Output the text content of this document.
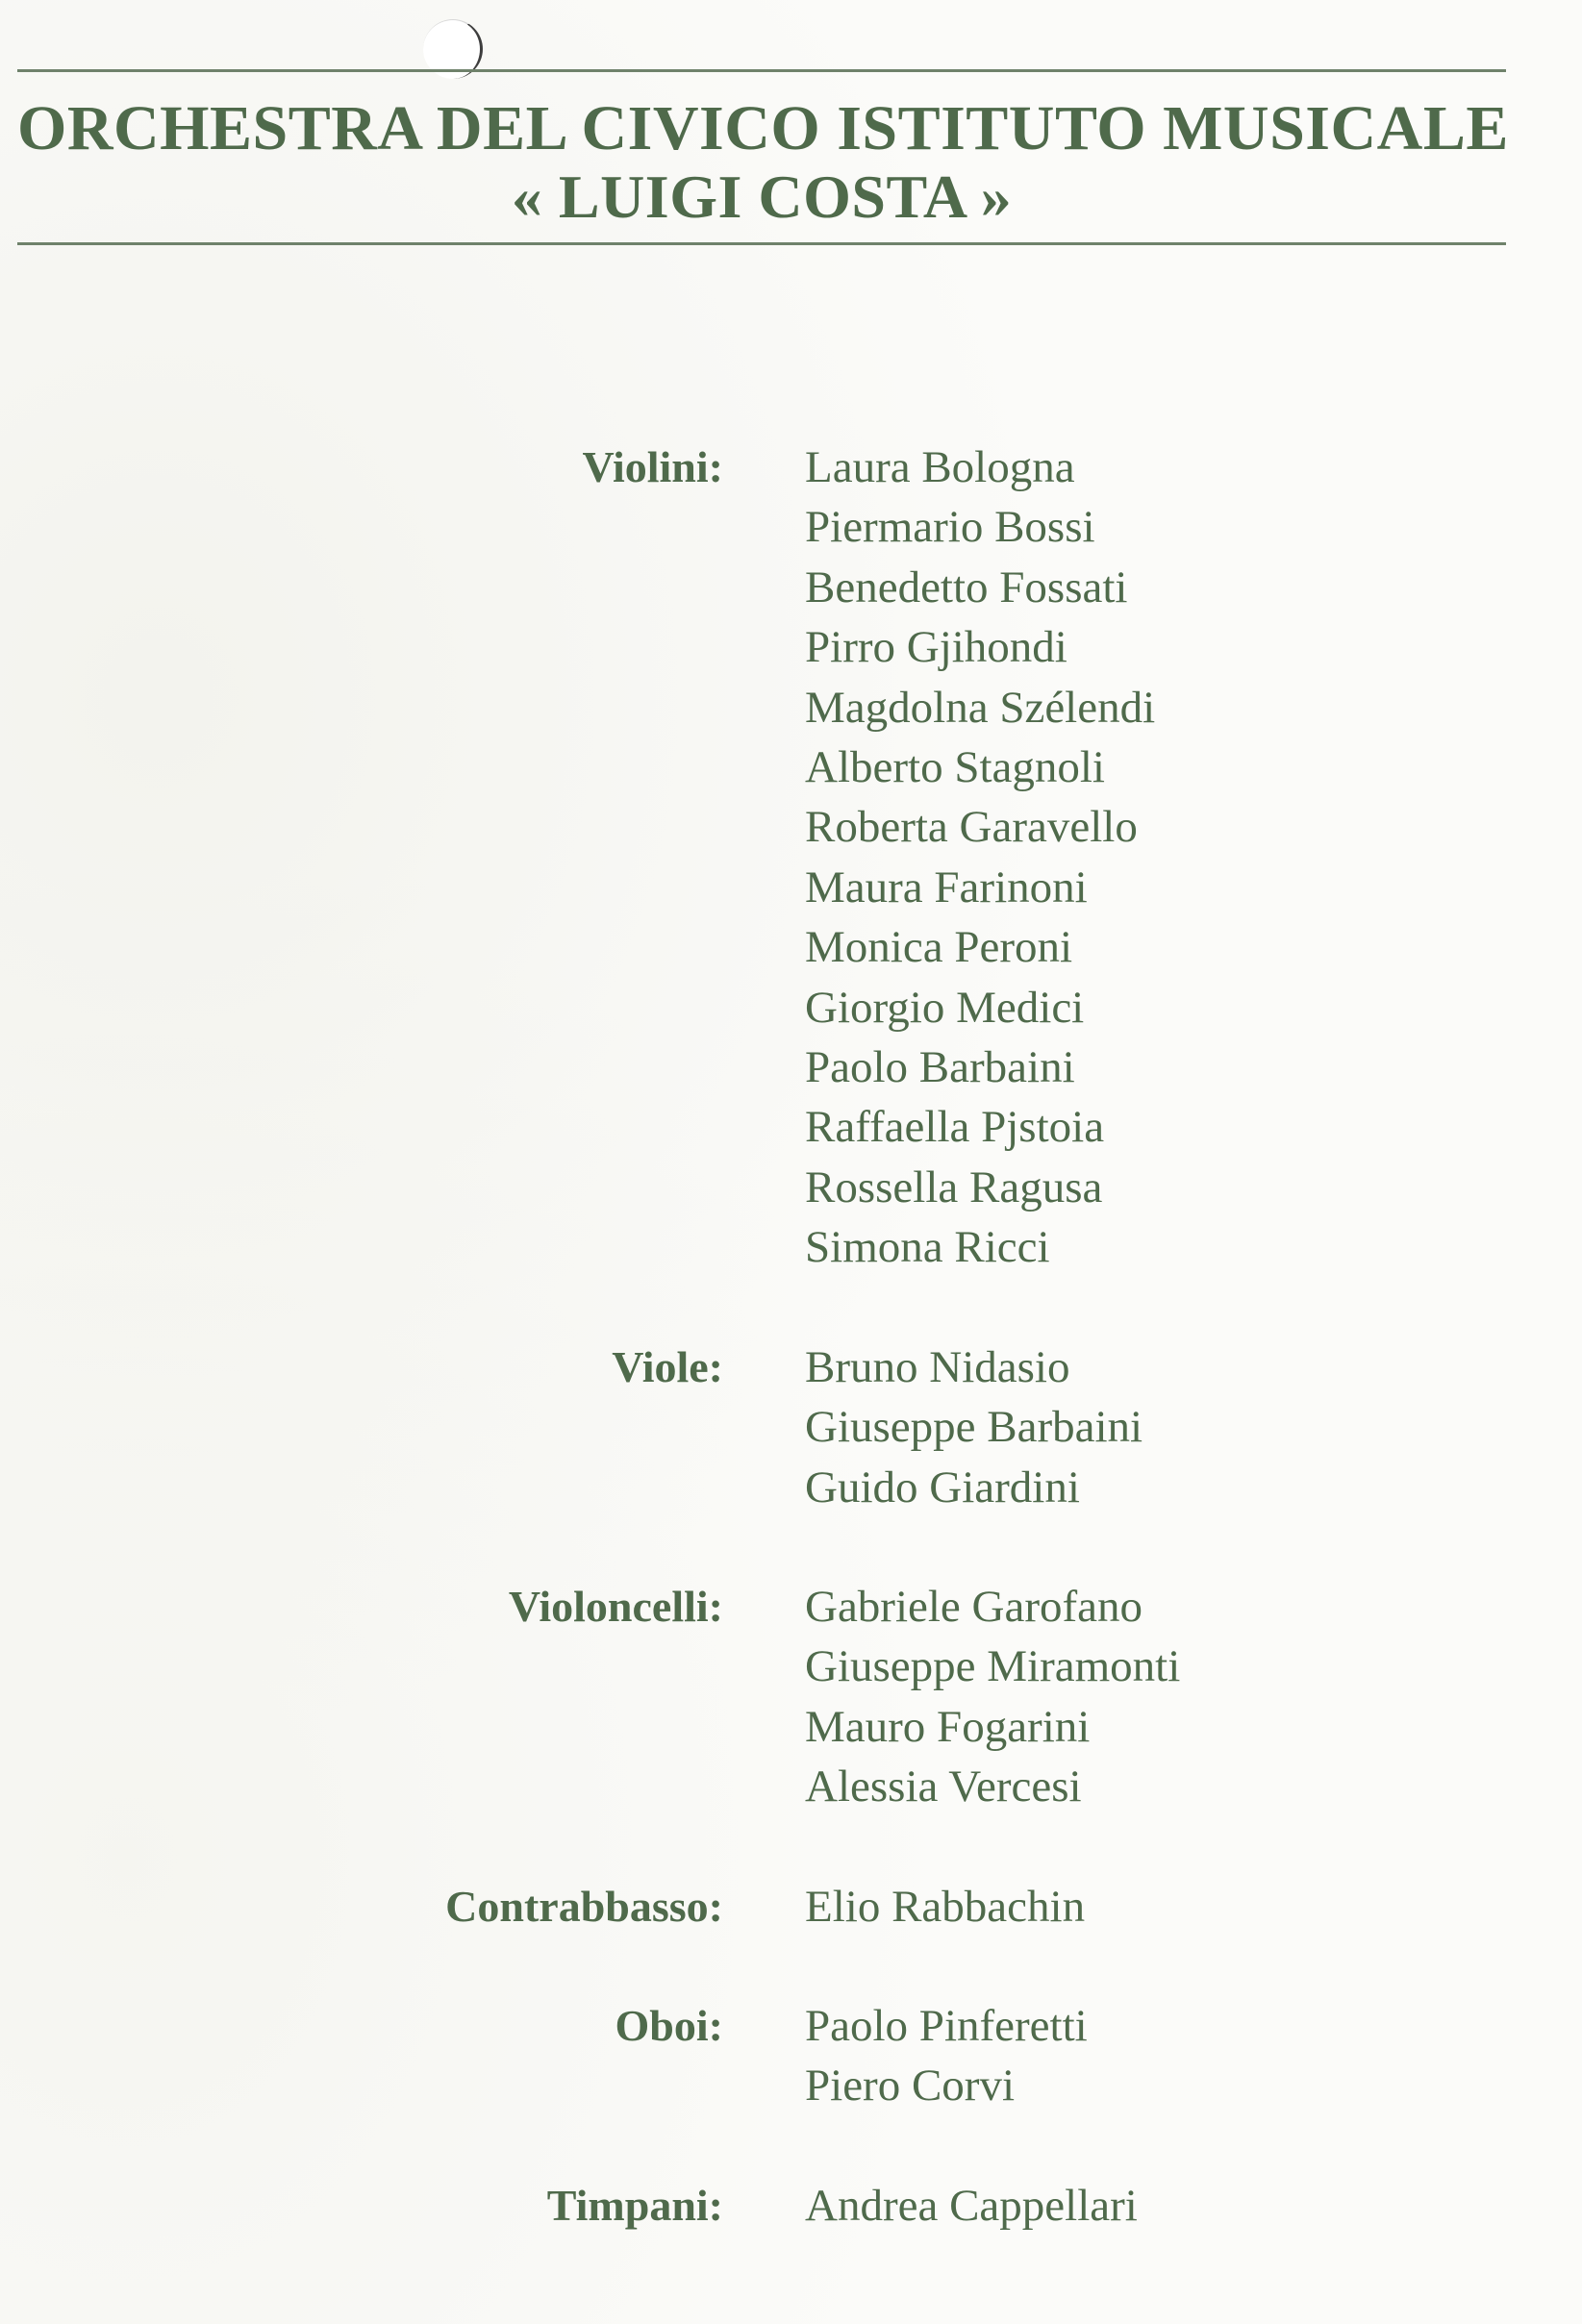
ORCHESTRA DEL CIVICO ISTITUTO MUSICALE
« LUIGI COSTA »
Violini: Laura Bologna
Piermario Bossi
Benedetto Fossati
Pirro Gjihondi
Magdolna Szélendi
Alberto Stagnoli
Roberta Garavello
Maura Farinoni
Monica Peroni
Giorgio Medici
Paolo Barbaini
Raffaella Pjstoia
Rossella Ragusa
Simona Ricci
Viole: Bruno Nidasio
Giuseppe Barbaini
Guido Giardini
Violoncelli: Gabriele Garofano
Giuseppe Miramonti
Mauro Fogarini
Alessia Vercesi
Contrabbasso: Elio Rabbachin
Oboi: Paolo Pinferetti
Piero Corvi
Timpani: Andrea Cappellari
